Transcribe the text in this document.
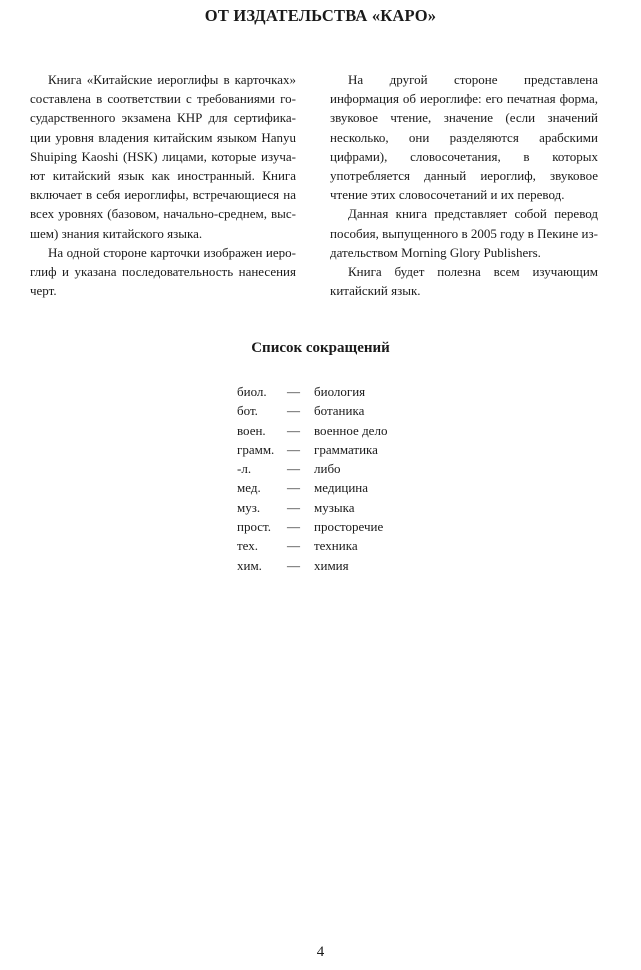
ОТ ИЗДАТЕЛЬСТВА «КАРО»

Книга «Китайские иероглифы в карточках» составлена в соответствии с требованиями государственного экзамена КНР для сертификации уровня владения китайским языком Hanyu Shuiping Kaoshi (HSK) лицами, которые изучают китайский язык как иностранный. Книга включает в себя иероглифы, встречающиеся на всех уровнях (базовом, начально-среднем, высшем) знания китайского языка.

На одной стороне карточки изображен иероглиф и указана последовательность нанесения черт.

На другой стороне представлена информация об иероглифе: его печатная форма, звуковое чтение, значение (если значений несколько, они разделяются арабскими цифрами), словосочетания, в которых употребляется данный иероглиф, звуковое чтение этих словосочетаний и их перевод.

Данная книга представляет собой перевод пособия, выпущенного в 2005 году в Пекине издательством Morning Glory Publishers.

Книга будет полезна всем изучающим китайский язык.

Список сокращений
биол.	—	биология
бот.	—	ботаника
воен.	—	военное дело
грамм. —	грамматика
-л.	—	либо
мед.	—	медицина
муз.	—	музыка
прост.	—	просторечие
тех.	—	техника
хим.	—	химия
4
